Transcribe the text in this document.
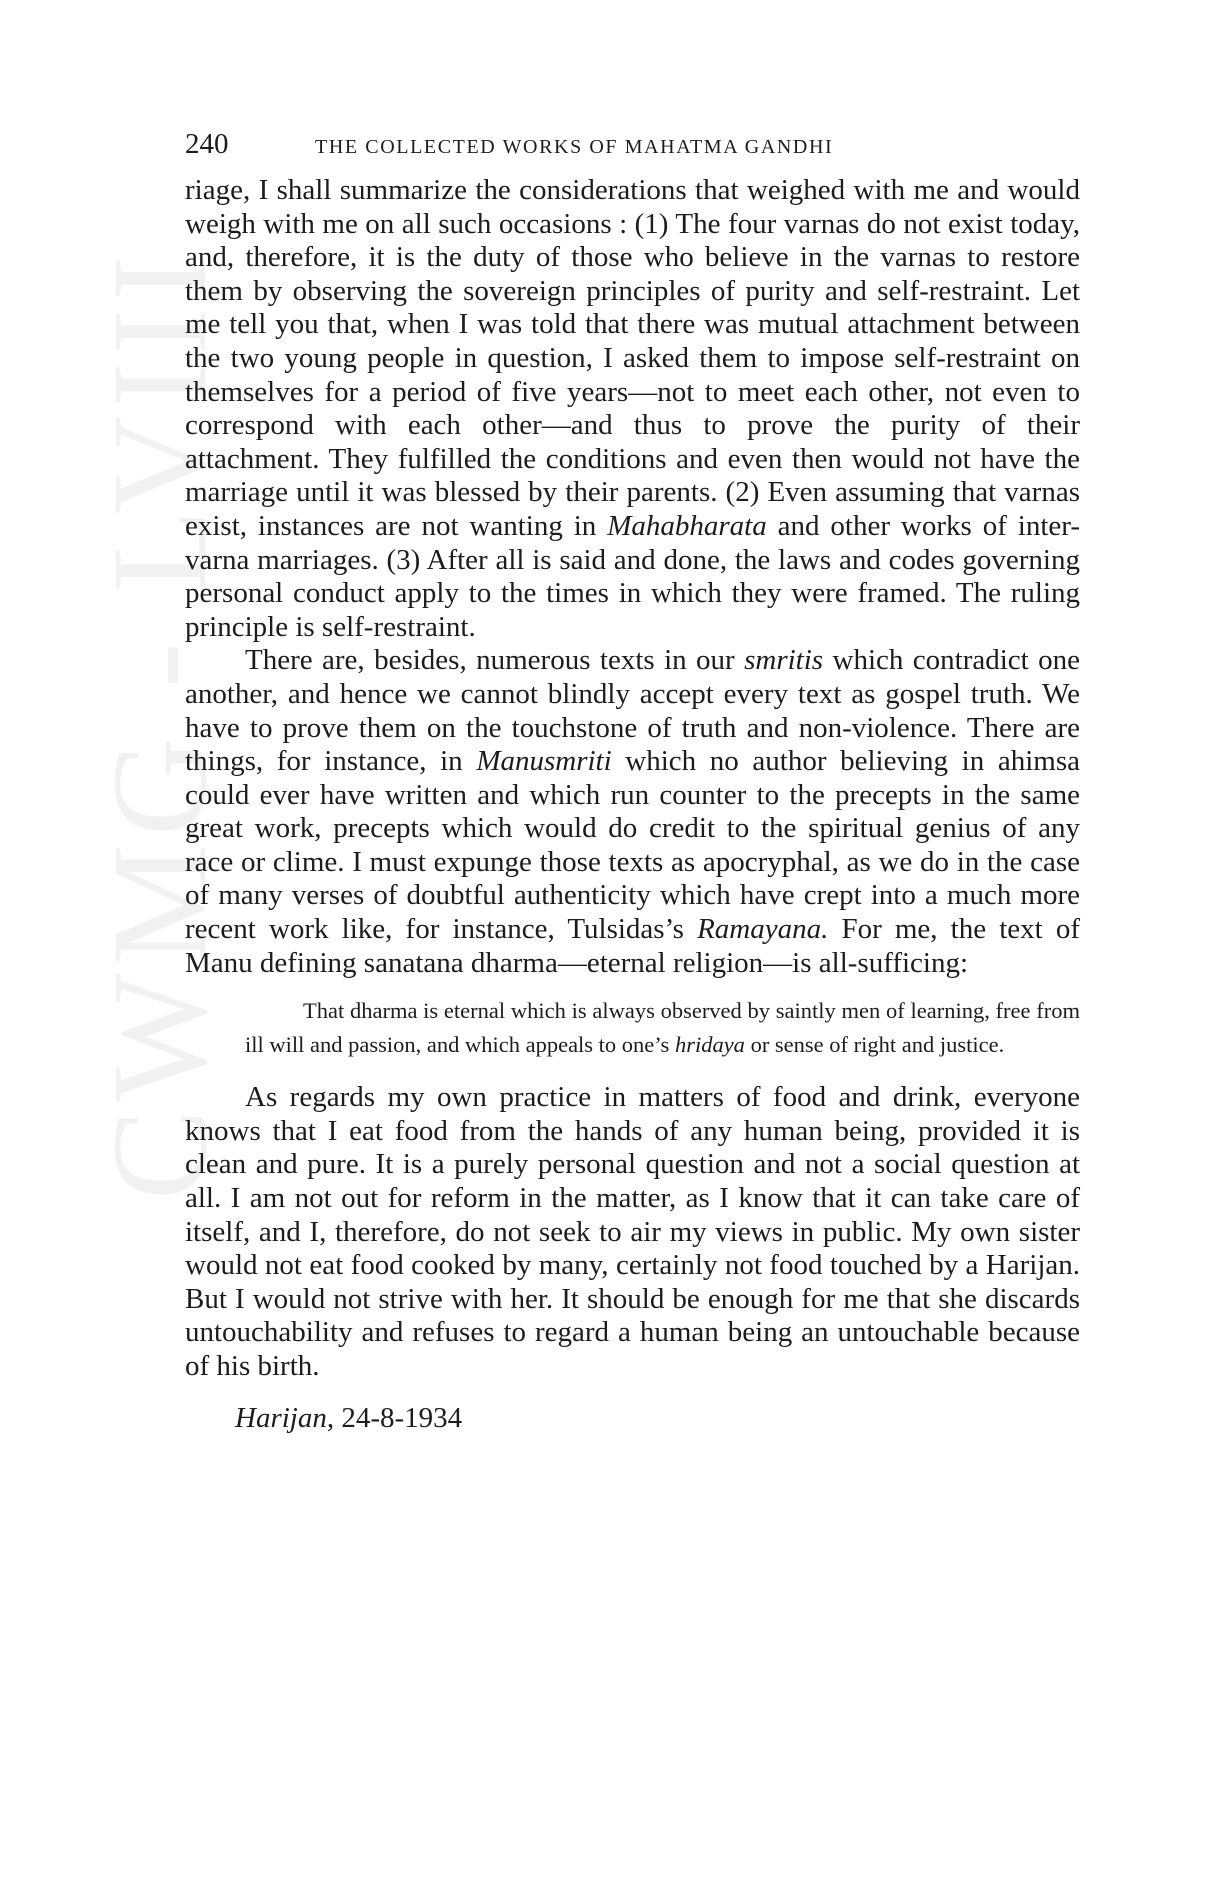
CWMG - LVIII
240	THE COLLECTED WORKS OF MAHATMA GANDHI

riage, I shall summarize the considerations that weighed with me and would weigh with me on all such occasions : (1) The four varnas do not exist today, and, therefore, it is the duty of those who believe in the varnas to restore them by observing the sovereign principles of purity and self-restraint. Let me tell you that, when I was told that there was mutual attachment between the two young people in question, I asked them to impose self-restraint on themselves for a period of five years—not to meet each other, not even to correspond with each other—and thus to prove the purity of their attachment. They fulfilled the conditions and even then would not have the marriage until it was blessed by their parents. (2) Even assuming that varnas exist, instances are not wanting in Mahabharata and other works of inter-varna marriages. (3) After all is said and done, the laws and codes governing personal conduct apply to the times in which they were framed. The ruling principle is self-restraint.

There are, besides, numerous texts in our smritis which contradict one another, and hence we cannot blindly accept every text as gospel truth. We have to prove them on the touchstone of truth and non-violence. There are things, for instance, in Manusmriti which no author believing in ahimsa could ever have written and which run counter to the precepts in the same great work, precepts which would do credit to the spiritual genius of any race or clime. I must expunge those texts as apocryphal, as we do in the case of many verses of doubtful authenticity which have crept into a much more recent work like, for instance, Tulsidas’s Ramayana. For me, the text of Manu defining sanatana dharma—eternal religion—is all-sufficing:

That dharma is eternal which is always observed by saintly men of learning, free from ill will and passion, and which appeals to one’s hridaya or sense of right and justice.

As regards my own practice in matters of food and drink, everyone knows that I eat food from the hands of any human being, provided it is clean and pure. It is a purely personal question and not a social question at all. I am not out for reform in the matter, as I know that it can take care of itself, and I, therefore, do not seek to air my views in public. My own sister would not eat food cooked by many, certainly not food touched by a Harijan. But I would not strive with her. It should be enough for me that she discards untouchability and refuses to regard a human being an untouchable because of his birth.

Harijan, 24-8-1934
